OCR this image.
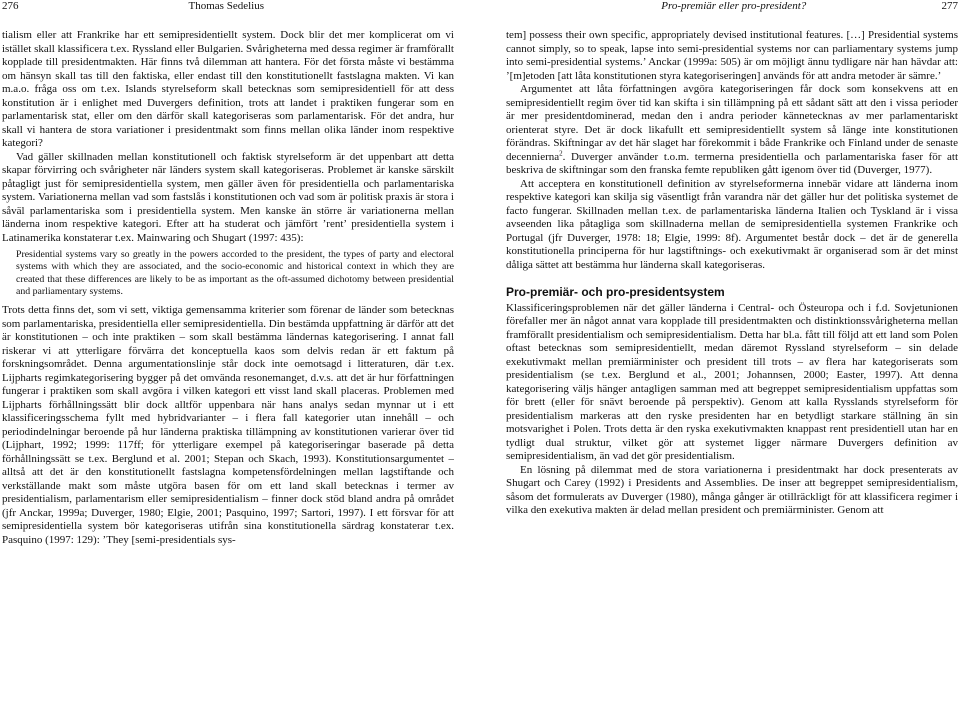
276	Thomas Sedelius

tialism eller att Frankrike har ett semipresidentiellt system. Dock blir det mer komplicerat om vi istället skall klassificera t.ex. Ryssland eller Bulgarien. Svårigheterna med dessa regimer är framförallt kopplade till presidentmakten. Här finns två dilemman att hantera. För det första måste vi bestämma om hänsyn skall tas till den faktiska, eller endast till den konstitutionellt fastslagna makten. Vi kan m.a.o. fråga oss om t.ex. Islands styrelseform skall betecknas som semipresidentiell för att dess konstitution är i enlighet med Duvergers definition, trots att landet i praktiken fungerar som en parlamentarisk stat, eller om den därför skall kategoriseras som parlamentarisk. För det andra, hur skall vi hantera de stora variationer i presidentmakt som finns mellan olika länder inom respektive kategori?

Vad gäller skillnaden mellan konstitutionell och faktisk styrelseform är det uppenbart att detta skapar förvirring och svårigheter när länders system skall kategoriseras. Problemet är kanske särskilt påtagligt just för semipresidentiella system, men gäller även för presidentiella och parlamentariska system. Variationerna mellan vad som fastslås i konstitutionen och vad som är politisk praxis är stora i såväl parlamentariska som i presidentiella system. Men kanske än större är variationerna mellan länderna inom respektive kategori. Efter att ha studerat och jämfört ’rent’ presidentiella system i Latinamerika konstaterar t.ex. Mainwaring och Shugart (1997: 435):

Presidential systems vary so greatly in the powers accorded to the president, the types of party and electoral systems with which they are associated, and the socio-economic and historical context in which they are created that these differences are likely to be as important as the oft-assumed dichotomy between presidential and parliamentary systems.

Trots detta finns det, som vi sett, viktiga gemensamma kriterier som förenar de länder som betecknas som parlamentariska, presidentiella eller semipresidentiella. Din bestämda uppfattning är därför att det är konstitutionen – och inte praktiken – som skall bestämma ländernas kategorisering. I annat fall riskerar vi att ytterligare förvärra det konceptuella kaos som delvis redan är ett faktum på forskningsområdet. Denna argumentationslinje står dock inte oemotsagd i litteraturen, där t.ex. Lijpharts regimkategorisering bygger på det omvända resonemanget, d.v.s. att det är hur författningen fungerar i praktiken som skall avgöra i vilken kategori ett visst land skall placeras. Problemen med Lijpharts förhållningssätt blir dock alltför uppenbara när hans analys sedan mynnar ut i ett klassificeringsschema fyllt med hybridvarianter – i flera fall kategorier utan innehåll – och periodindelningar beroende på hur länderna praktiska tillämpning av konstitutionen varierar över tid (Lijphart, 1992; 1999: 117ff; för ytterligare exempel på kategoriseringar baserade på detta förhållningssätt se t.ex. Berglund et al. 2001; Stepan och Skach, 1993). Konstitutionsargumentet – alltså att det är den konstitutionellt fastslagna kompetensfördelningen mellan lagstiftande och verkställande makt som måste utgöra basen för om ett land skall betecknas i termer av presidentialism, parlamentarism eller semipresidentialism – finner dock stöd bland andra på området (jfr Anckar, 1999a; Duverger, 1980; Elgie, 2001; Pasquino, 1997; Sartori, 1997). I ett försvar för att semipresidentiella system bör kategoriseras utifrån sina konstitutionella särdrag konstaterar t.ex. Pasquino (1997: 129): ’They [semi-presidentials sys-

Pro-premiär eller pro-president?	277

tem] possess their own specific, appropriately devised institutional features. […] Presidential systems cannot simply, so to speak, lapse into semi-presidential systems nor can parliamentary systems jump into semi-presidential systems.’ Anckar (1999a: 505) är om möjligt ännu tydligare när han hävdar att: ’[m]etoden [att låta konstitutionen styra kategoriseringen] används för att andra metoder är sämre.’

Argumentet att låta författningen avgöra kategoriseringen får dock som konsekvens att en semipresidentiellt regim över tid kan skifta i sin tillämpning på ett sådant sätt att den i vissa perioder är mer presidentdominerad, medan den i andra perioder kännetecknas av mer parlamentariskt orienterat styre. Det är dock likafullt ett semipresidentiellt system så länge inte konstitutionen förändras. Skiftningar av det här slaget har förekommit i både Frankrike och Finland under de senaste decennierna$^2$. Duverger använder t.o.m. termerna presidentiella och parlamentariska faser för att beskriva de skiftningar som den franska femte republiken gått igenom över tid (Duverger, 1977).

Att acceptera en konstitutionell definition av styrelseformerna innebär vidare att länderna inom respektive kategori kan skilja sig väsentligt från varandra när det gäller hur det politiska systemet de facto fungerar. Skillnaden mellan t.ex. de parlamentariska länderna Italien och Tyskland är i vissa avseenden lika påtagliga som skillnaderna mellan de semipresidentiella systemen Frankrike och Portugal (jfr Duverger, 1978: 18; Elgie, 1999: 8f). Argumentet består dock – det är de generella konstitutionella principerna för hur lagstiftnings- och exekutivmakt är organiserad som är det minst dåliga sättet att bestämma hur länderna skall kategoriseras.

Pro-premiär- och pro-presidentsystem

Klassificeringsproblemen när det gäller länderna i Central- och Östeuropa och i f.d. Sovjetunionen förefaller mer än något annat vara kopplade till presidentmakten och distinktionssvårigheterna mellan framförallt presidentialism och semipresidentialism. Detta har bl.a. fått till följd att ett land som Polen oftast betecknas som semipresidentiellt, medan däremot Ryssland styrelseform – sin delade exekutivmakt mellan premiärminister och president till trots – av flera har kategoriserats som presidentialism (se t.ex. Berglund et al., 2001; Johannsen, 2000; Easter, 1997). Att denna kategorisering väljs hänger antagligen samman med att begreppet semipresidentialism uppfattas som för brett (eller för snävt beroende på perspektiv). Genom att kalla Rysslands styrelseform för presidentialism markeras att den ryske presidenten har en betydligt starkare ställning än sin motsvarighet i Polen. Trots detta är den ryska exekutivmakten knappast rent presidentiell utan har en tydligt dual struktur, vilket gör att systemet ligger närmare Duvergers definition av semipresidentialism, än vad det gör presidentialism.

En lösning på dilemmat med de stora variationerna i presidentmakt har dock presenterats av Shugart och Carey (1992) i Presidents and Assemblies. De inser att begreppet semipresidentialism, såsom det formulerats av Duverger (1980), många gånger är otillräckligt för att klassificera regimer i vilka den exekutiva makten är delad mellan president och premiärminister. Genom att
